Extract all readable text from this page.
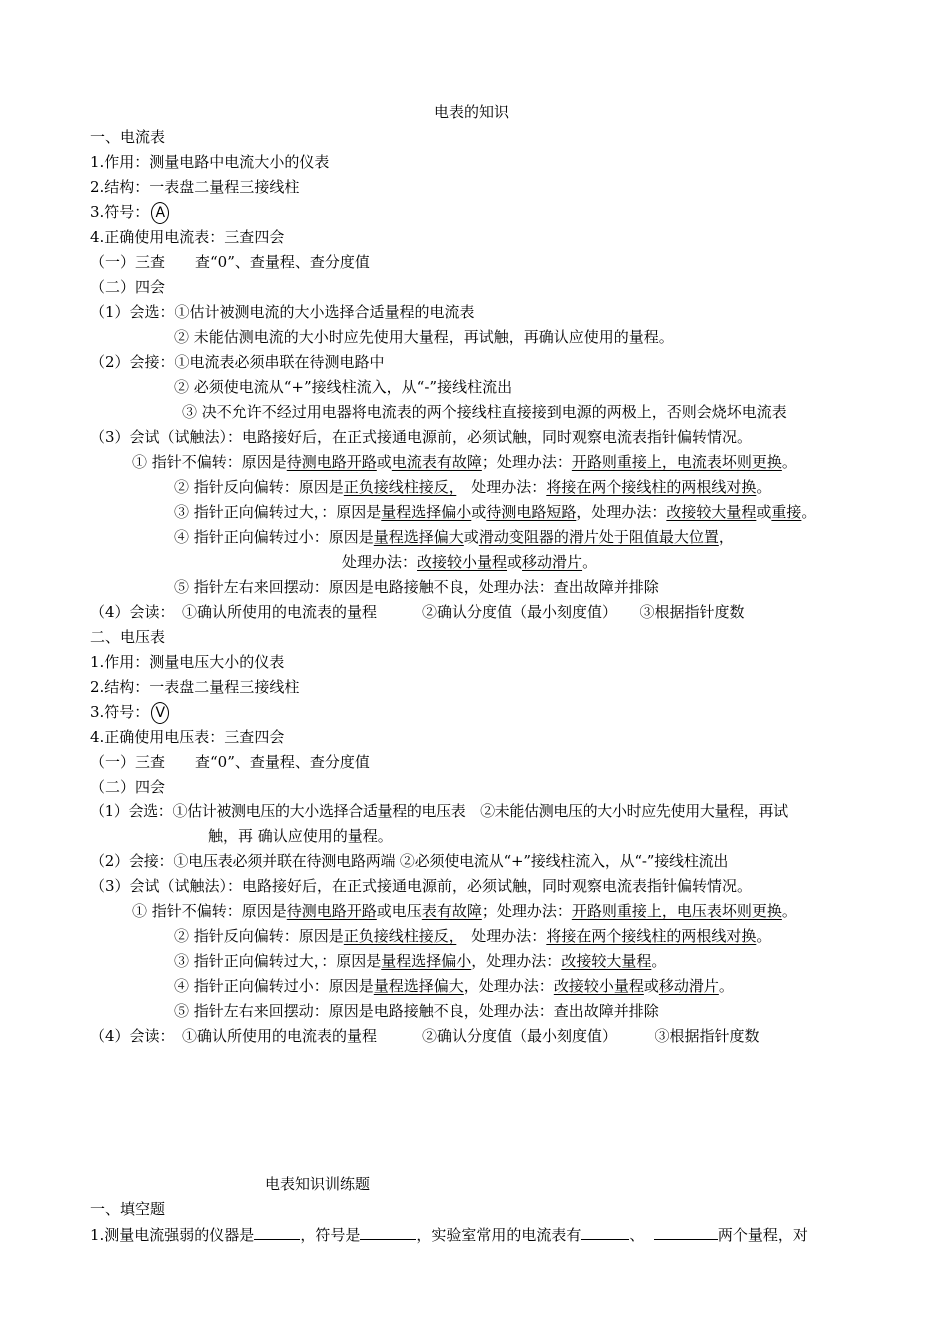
电表的知识
一、电流表
1.作用：测量电路中电流大小的仪表
2.结构：一表盘二量程三接线柱
3.符号： A
4.正确使用电流表：三查四会
（一）三查　　查“0”、查量程、查分度值
（二）四会
（1）会选：①估计被测电流的大小选择合适量程的电流表
② 未能估测电流的大小时应先使用大量程，再试触，再确认应使用的量程。
（2）会接：①电流表必须串联在待测电路中
② 必须使电流从“+”接线柱流入，从“-”接线柱流出
③ 决不允许不经过用电器将电流表的两个接线柱直接接到电源的两极上，否则会烧坏电流表
（3）会试（试触法）：电路接好后，在正式接通电源前，必须试触，同时观察电流表指针偏转情况。
① 指针不偏转：原因是待测电路开路或电流表有故障；处理办法：开路则重接上，电流表坏则更换。
② 指针反向偏转：原因是正负接线柱接反，　处理办法：将接在两个接线柱的两根线对换。
③ 指针正向偏转过大，：原因是量程选择偏小或待测电路短路，处理办法：改接较大量程或重接。
④ 指针正向偏转过小：原因是量程选择偏大或滑动变阻器的滑片处于阻值最大位置，
处理办法：改接较小量程或移动滑片。
⑤ 指针左右来回摆动：原因是电路接触不良，处理办法：查出故障并排除
（4）会读：　①确认所使用的电流表的量程　　　②确认分度值（最小刻度值）　　③根据指针度数
二、电压表
1.作用：测量电压大小的仪表
2.结构：一表盘二量程三接线柱
3.符号： V
4.正确使用电压表：三查四会
（一）三查　　查“0”、查量程、查分度值
（二）四会
（1）会选：①估计被测电压的大小选择合适量程的电压表　②未能估测电压的大小时应先使用大量程，再试
触，再 确认应使用的量程。
（2）会接：①电压表必须并联在待测电路两端 ②必须使电流从“+”接线柱流入，从“-”接线柱流出
（3）会试（试触法）：电路接好后，在正式接通电源前，必须试触，同时观察电流表指针偏转情况。
① 指针不偏转：原因是待测电路开路或电压表有故障；处理办法：开路则重接上，电压表坏则更换。
② 指针反向偏转：原因是正负接线柱接反，　处理办法：将接在两个接线柱的两根线对换。
③ 指针正向偏转过大，：原因是量程选择偏小，处理办法：改接较大量程。
④ 指针正向偏转过小：原因是量程选择偏大，处理办法：改接较小量程或移动滑片。
⑤ 指针左右来回摆动：原因是电路接触不良，处理办法：查出故障并排除
（4）会读：　①确认所使用的电流表的量程　　　②确认分度值（最小刻度值）　　　③根据指针度数
电表知识训练题
一、填空题
1.测量电流强弱的仪器是	，符号是	，实验室常用的电流表有	、	两个量程，对
